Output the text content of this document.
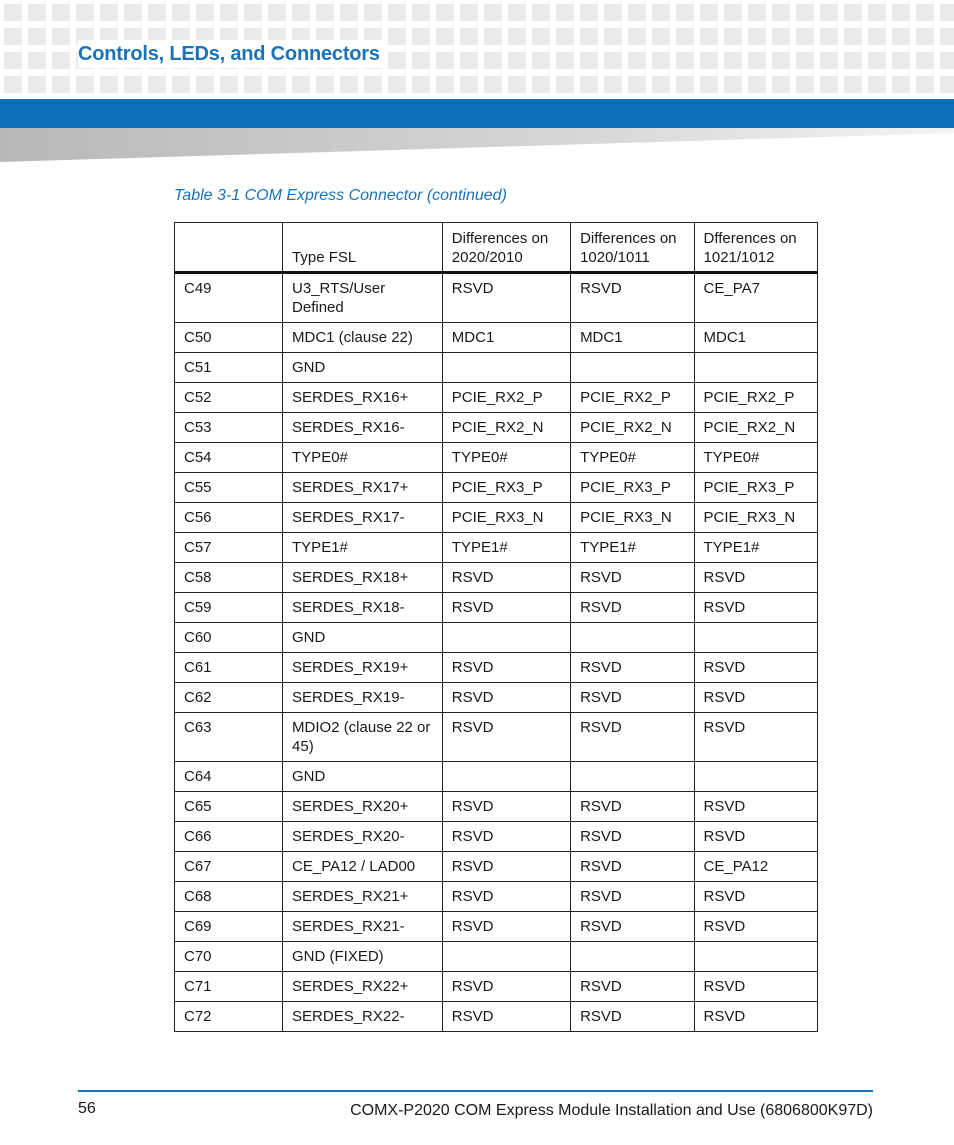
Controls, LEDs, and Connectors
Table 3-1 COM Express Connector (continued)
	Type FSL	Differences on 2020/2010	Differences on 1020/1011	Dfferences on 1021/1012
C49	U3_RTS/User Defined	RSVD	RSVD	CE_PA7
C50	MDC1 (clause 22)	MDC1	MDC1	MDC1
C51	GND			
C52	SERDES_RX16+	PCIE_RX2_P	PCIE_RX2_P	PCIE_RX2_P
C53	SERDES_RX16-	PCIE_RX2_N	PCIE_RX2_N	PCIE_RX2_N
C54	TYPE0#	TYPE0#	TYPE0#	TYPE0#
C55	SERDES_RX17+	PCIE_RX3_P	PCIE_RX3_P	PCIE_RX3_P
C56	SERDES_RX17-	PCIE_RX3_N	PCIE_RX3_N	PCIE_RX3_N
C57	TYPE1#	TYPE1#	TYPE1#	TYPE1#
C58	SERDES_RX18+	RSVD	RSVD	RSVD
C59	SERDES_RX18-	RSVD	RSVD	RSVD
C60	GND			
C61	SERDES_RX19+	RSVD	RSVD	RSVD
C62	SERDES_RX19-	RSVD	RSVD	RSVD
C63	MDIO2 (clause 22 or 45)	RSVD	RSVD	RSVD
C64	GND			
C65	SERDES_RX20+	RSVD	RSVD	RSVD
C66	SERDES_RX20-	RSVD	RSVD	RSVD
C67	CE_PA12 / LAD00	RSVD	RSVD	CE_PA12
C68	SERDES_RX21+	RSVD	RSVD	RSVD
C69	SERDES_RX21-	RSVD	RSVD	RSVD
C70	GND (FIXED)			
C71	SERDES_RX22+	RSVD	RSVD	RSVD
C72	SERDES_RX22-	RSVD	RSVD	RSVD
56	COMX-P2020 COM Express Module Installation and Use (6806800K97D)
